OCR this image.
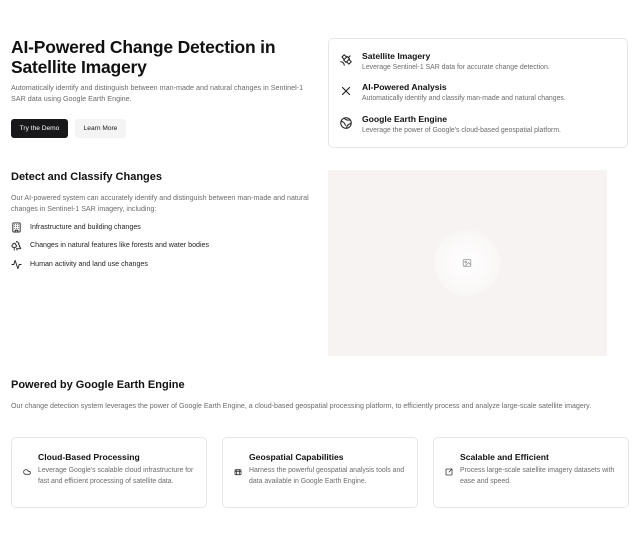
AI-Powered Change Detection in Satellite Imagery

Automatically identify and distinguish between man-made and natural changes in Sentinel-1 SAR data using Google Earth Engine.

Try the Demo	Learn More
Satellite Imagery
Leverage Sentinel-1 SAR data for accurate change detection.
AI-Powered Analysis
Automatically identify and classify man-made and natural changes.
Google Earth Engine
Leverage the power of Google's cloud-based geospatial platform.
Detect and Classify Changes

Our AI-powered system can accurately identify and distinguish between man-made and natural changes in Sentinel-1 SAR imagery, including:

Infrastructure and building changes
Changes in natural features like forests and water bodies
Human activity and land use changes
Powered by Google Earth Engine

Our change detection system leverages the power of Google Earth Engine, a cloud-based geospatial processing platform, to efficiently process and analyze large-scale satellite imagery.

Cloud-Based Processing

Leverage Google's scalable cloud infrastructure for fast and efficient processing of satellite data.

Geospatial Capabilities

Harness the powerful geospatial analysis tools and data available in Google Earth Engine.

Scalable and Efficient

Process large-scale satellite imagery datasets with ease and speed.
